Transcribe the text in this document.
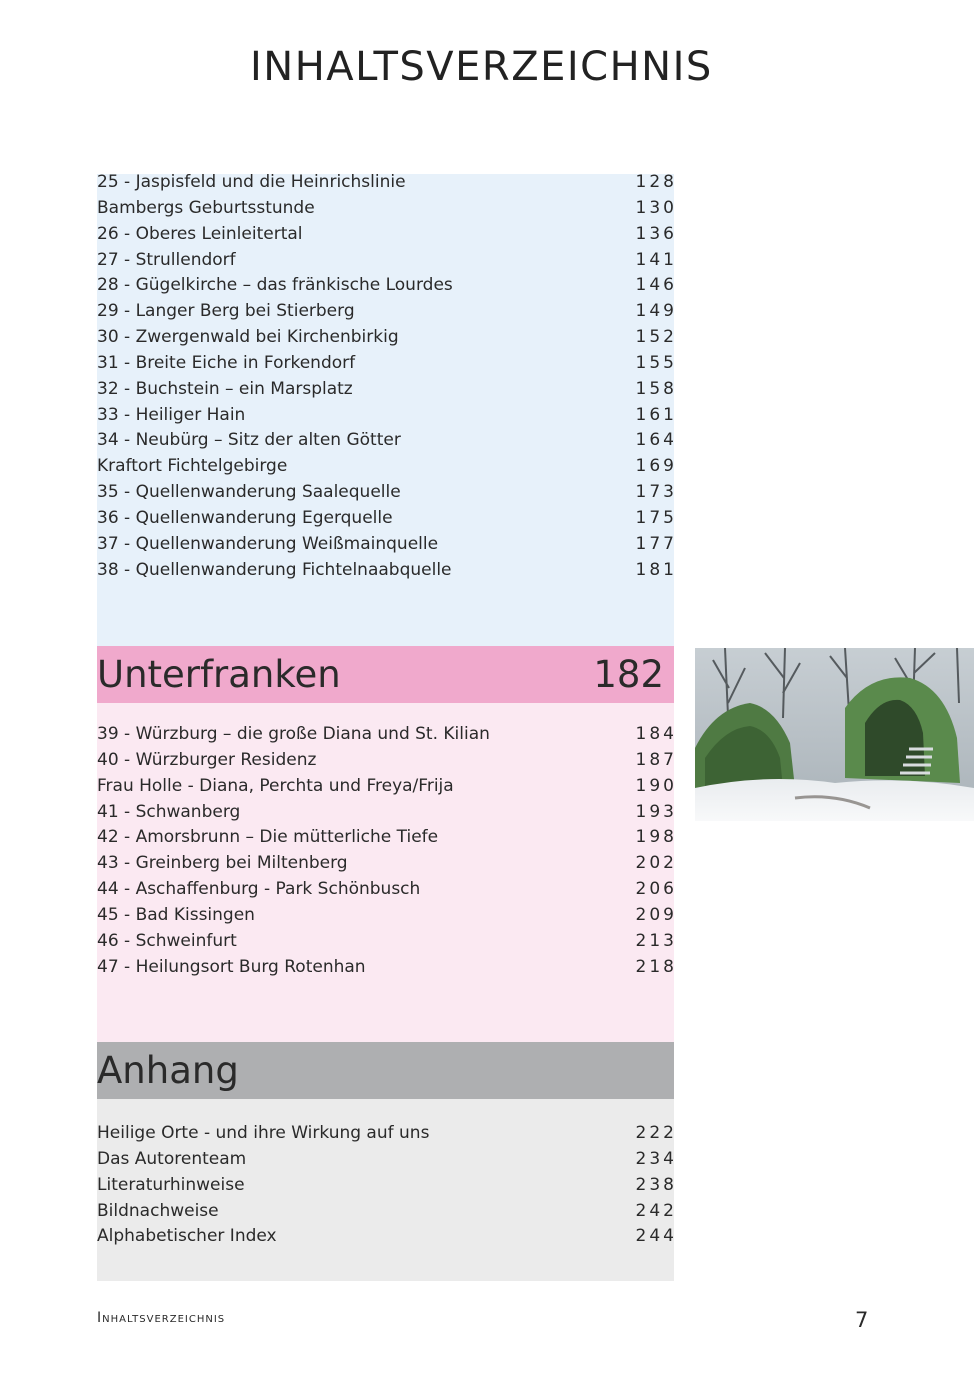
INHALTSVERZEICHNIS
25 - Jaspisfeld und die Heinrichslinie	128
Bambergs Geburtsstunde	130
26 - Oberes Leinleitertal	136
27 - Strullendorf	141
28 - Gügelkirche – das fränkische Lourdes	146
29 - Langer Berg bei Stierberg	149
30 - Zwergenwald bei Kirchenbirkig	152
31 - Breite Eiche in Forkendorf	155
32 - Buchstein – ein Marsplatz	158
33 - Heiliger Hain	161
34 - Neubürg – Sitz der alten Götter	164
Kraftort Fichtelgebirge	169
35 - Quellenwanderung Saalequelle	173
36 - Quellenwanderung Egerquelle	175
37 - Quellenwanderung Weißmainquelle	177
38 - Quellenwanderung Fichtelnaabquelle	181
Unterfranken	182
39 - Würzburg – die große Diana und St. Kilian	184
40 - Würzburger Residenz	187
Frau Holle - Diana, Perchta und Freya/Frija	190
41 - Schwanberg	193
42 - Amorsbrunn – Die mütterliche Tiefe	198
43 - Greinberg bei Miltenberg	202
44 - Aschaffenburg - Park Schönbusch	206
45 - Bad Kissingen	209
46 - Schweinfurt	213
47 - Heilungsort Burg Rotenhan	218
Anhang
Heilige Orte - und ihre Wirkung auf uns	222
Das Autorenteam	234
Literaturhinweise	238
Bildnachweise	242
Alphabetischer Index	244
Inhaltsverzeichnis	7
